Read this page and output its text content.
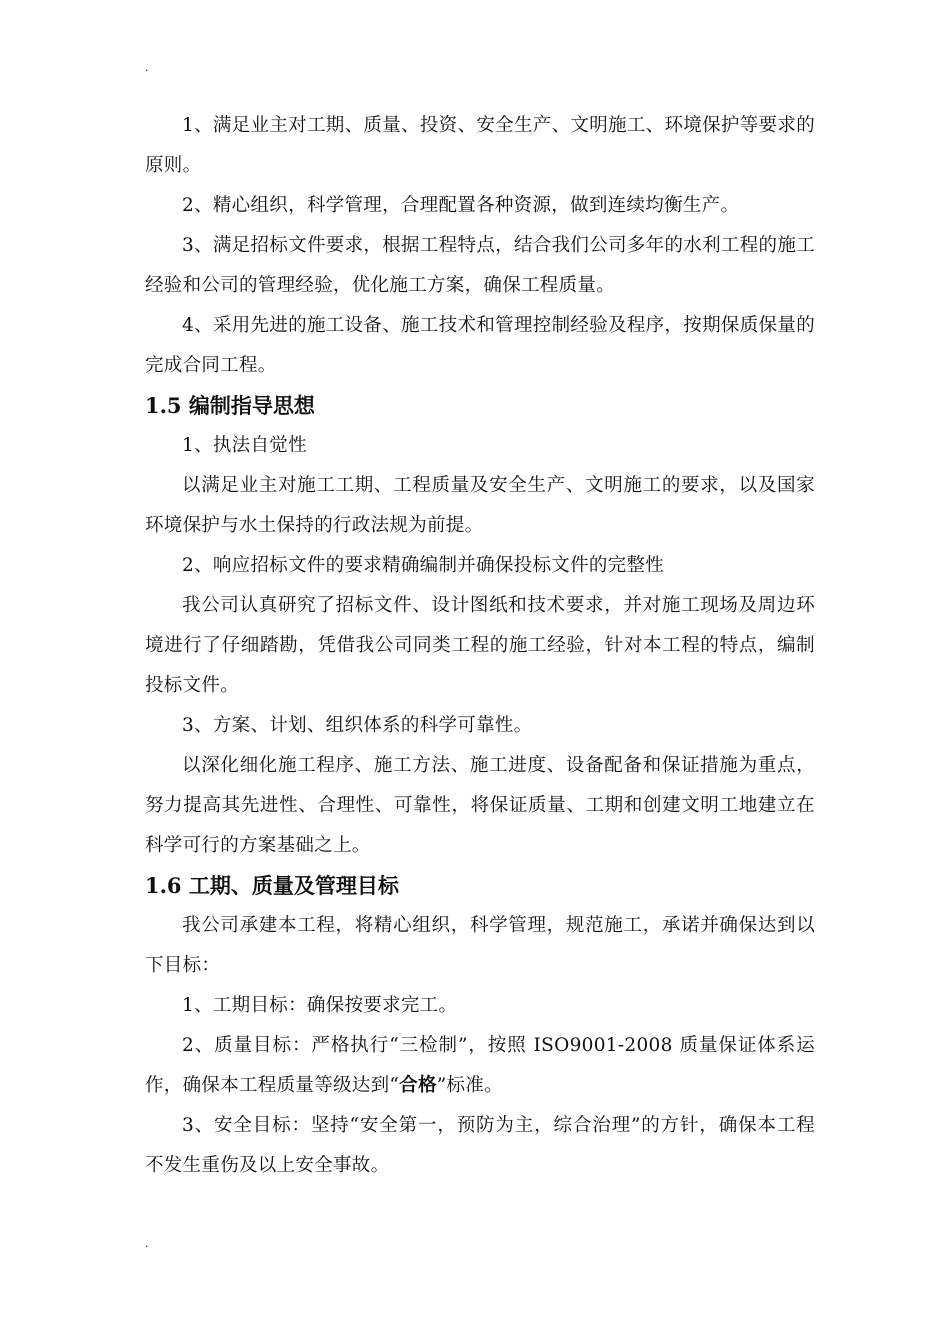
.

1、满足业主对工期、质量、投资、安全生产、文明施工、环境保护等要求的原则。

2、精心组织，科学管理，合理配置各种资源，做到连续均衡生产。

3、满足招标文件要求，根据工程特点，结合我们公司多年的水利工程的施工经验和公司的管理经验，优化施工方案，确保工程质量。

4、采用先进的施工设备、施工技术和管理控制经验及程序，按期保质保量的完成合同工程。

1.5 编制指导思想

1、执法自觉性

以满足业主对施工工期、工程质量及安全生产、文明施工的要求，以及国家环境保护与水土保持的行政法规为前提。

2、响应招标文件的要求精确编制并确保投标文件的完整性

我公司认真研究了招标文件、设计图纸和技术要求，并对施工现场及周边环境进行了仔细踏勘，凭借我公司同类工程的施工经验，针对本工程的特点，编制投标文件。

3、方案、计划、组织体系的科学可靠性。

以深化细化施工程序、施工方法、施工进度、设备配备和保证措施为重点，努力提高其先进性、合理性、可靠性，将保证质量、工期和创建文明工地建立在科学可行的方案基础之上。

1.6 工期、质量及管理目标

我公司承建本工程，将精心组织，科学管理，规范施工，承诺并确保达到以下目标：

1、工期目标：确保按要求完工。

2、质量目标：严格执行“三检制”，按照 ISO9001-2008 质量保证体系运作，确保本工程质量等级达到“合格”标准。

3、安全目标：坚持“安全第一，预防为主，综合治理”的方针，确保本工程不发生重伤及以上安全事故。

.
